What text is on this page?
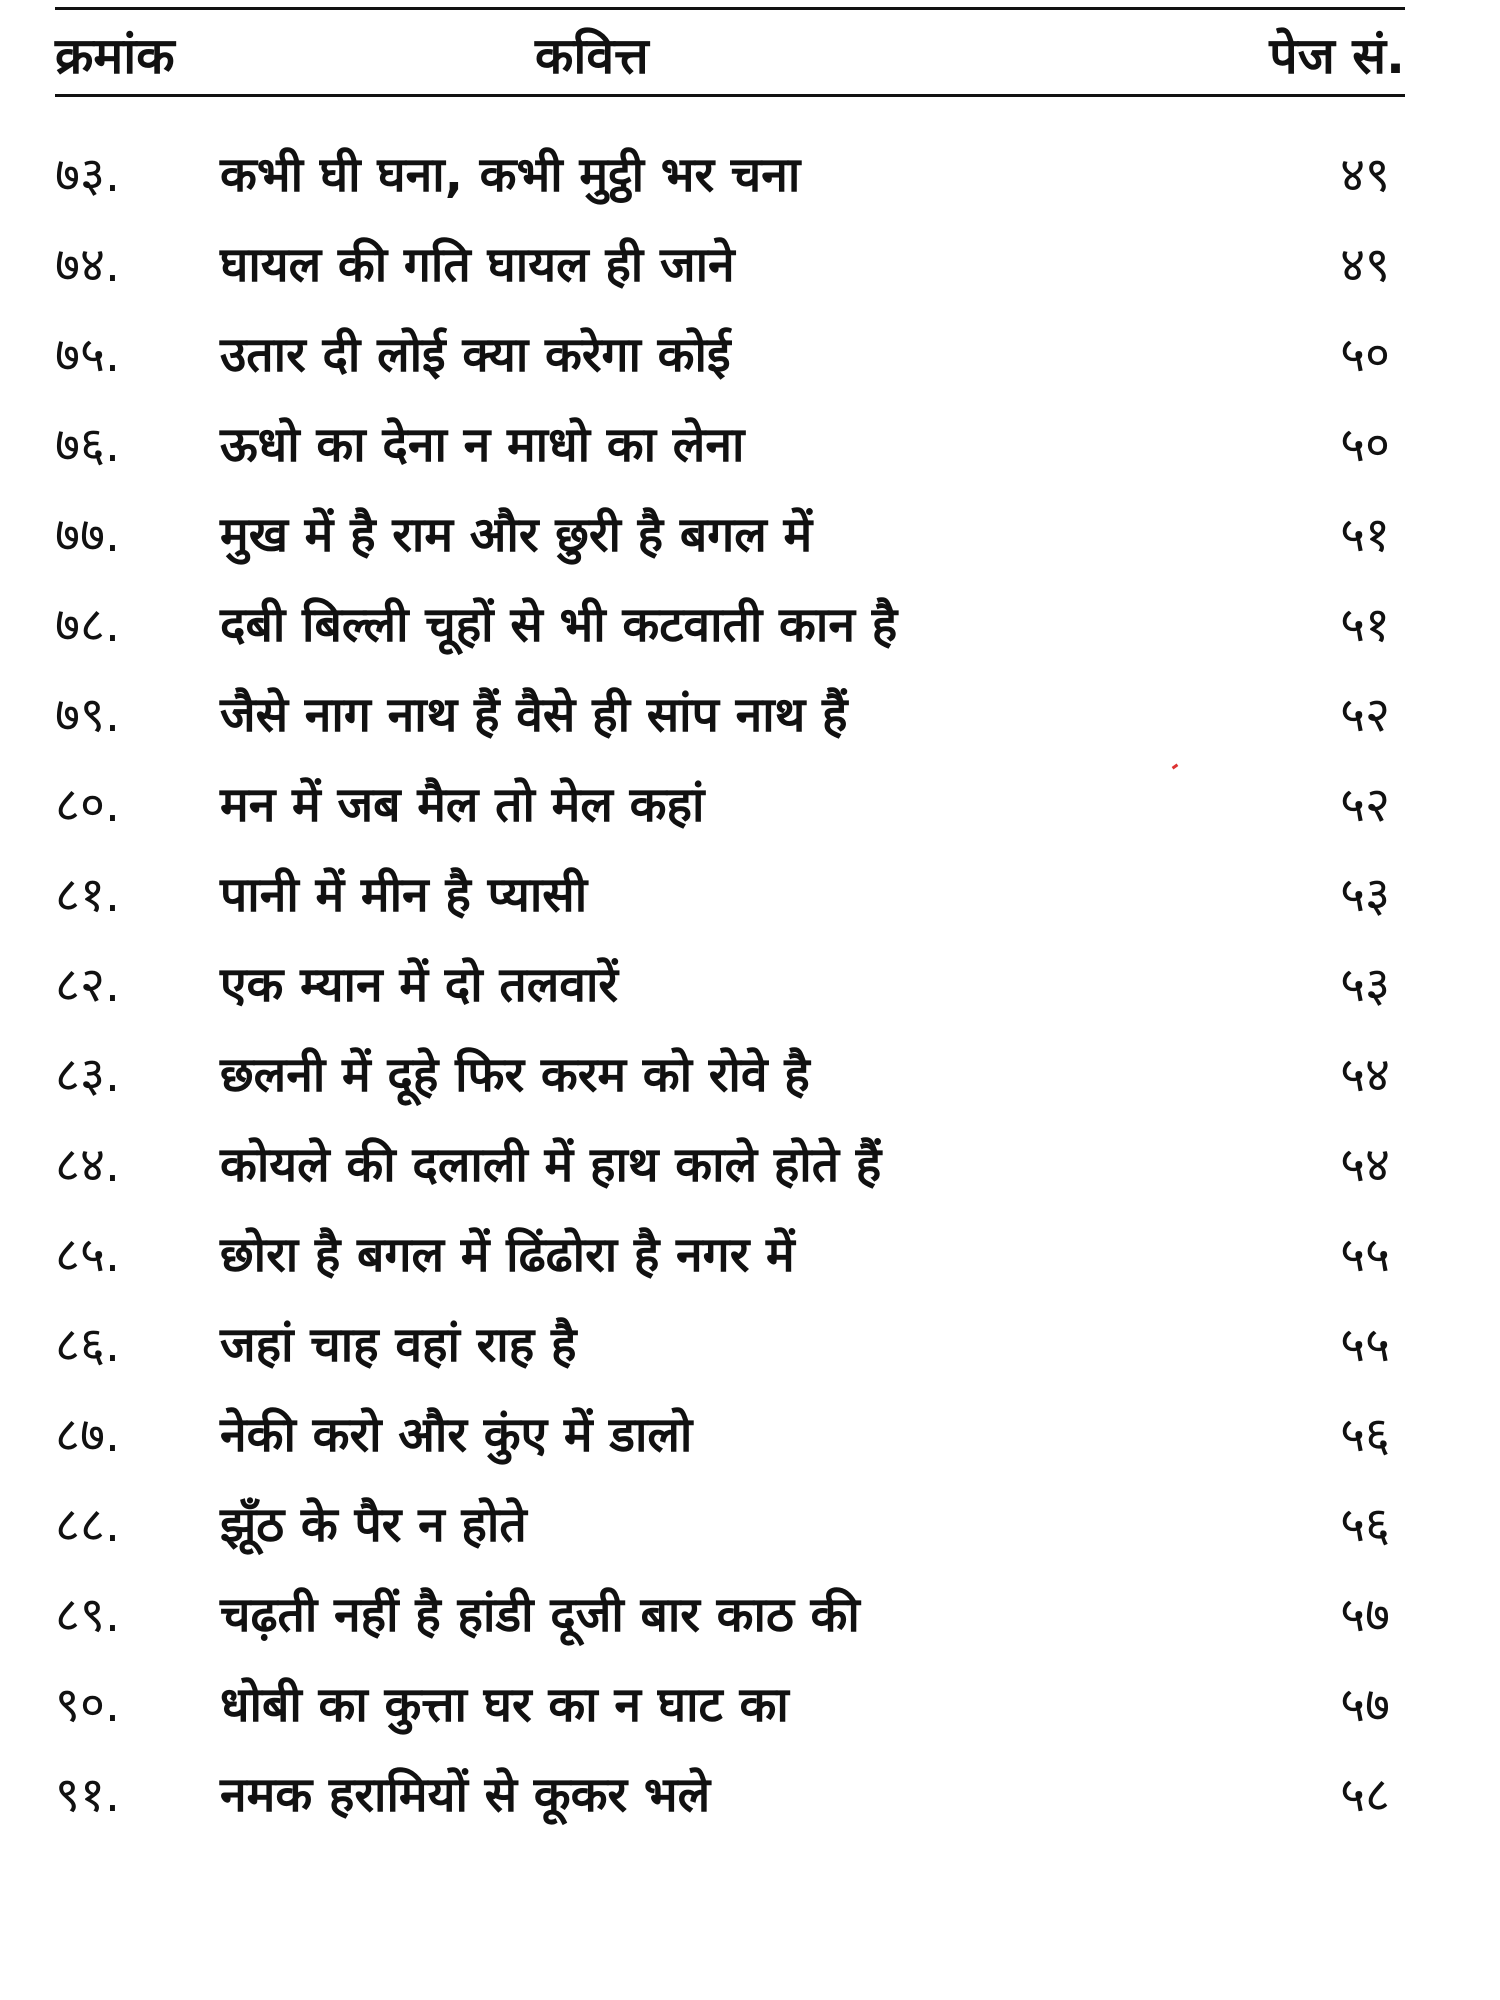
क्रमांक	कवित्त	पेज सं.
७३. कभी घी घना, कभी मुट्ठी भर चना	४९
७४. घायल की गति घायल ही जाने	४९
७५. उतार दी लोई क्या करेगा कोई	५०
७६. ऊधो का देना न माधो का लेना	५०
७७. मुख में है राम और छुरी है बगल में	५१
७८. दबी बिल्ली चूहों से भी कटवाती कान है	५१
७९. जैसे नाग नाथ हैं वैसे ही सांप नाथ हैं	५२
८०. मन में जब मैल तो मेल कहां	५२
८१. पानी में मीन है प्यासी	५३
८२. एक म्यान में दो तलवारें	५३
८३. छलनी में दूहे फिर करम को रोवे है	५४
८४. कोयले की दलाली में हाथ काले होते हैं	५४
८५. छोरा है बगल में ढिंढोरा है नगर में	५५
८६. जहां चाह वहां राह है	५५
८७. नेकी करो और कुंए में डालो	५६
८८. झूँठ के पैर न होते	५६
८९. चढ़ती नहीं है हांडी दूजी बार काठ की	५७
९०. धोबी का कुत्ता घर का न घाट का	५७
९१. नमक हरामियों से कूकर भले	५८
